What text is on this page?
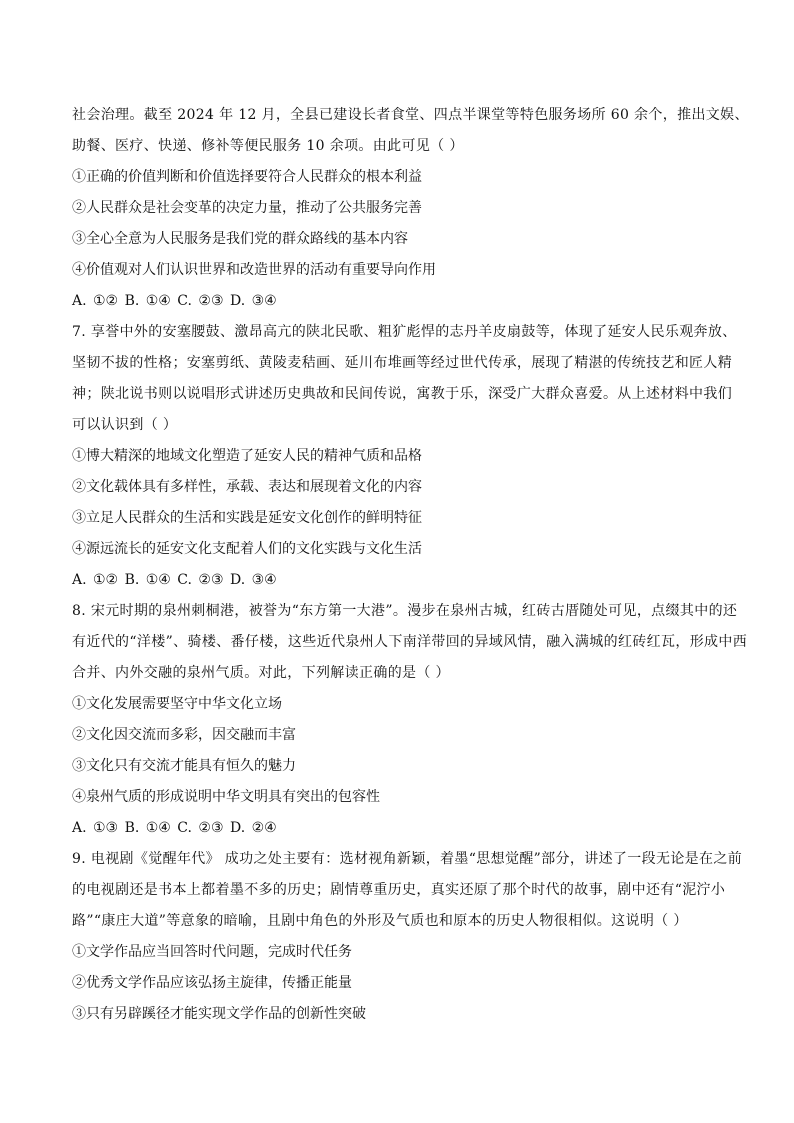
社会治理。截至 2024 年 12 月，全县已建设长者食堂、四点半课堂等特色服务场所 60 余个，推出文娱、
助餐、医疗、快递、修补等便民服务 10 余项。由此可见（ ）
①正确的价值判断和价值选择要符合人民群众的根本利益
②人民群众是社会变革的决定力量，推动了公共服务完善
③全心全意为人民服务是我们党的群众路线的基本内容
④价值观对人们认识世界和改造世界的活动有重要导向作用
A. ①② B. ①④ C. ②③ D. ③④
7. 享誉中外的安塞腰鼓、激昂高亢的陕北民歌、粗犷彪悍的志丹羊皮扇鼓等，体现了延安人民乐观奔放、
坚韧不拔的性格；安塞剪纸、黄陵麦秸画、延川布堆画等经过世代传承，展现了精湛的传统技艺和匠人精
神；陕北说书则以说唱形式讲述历史典故和民间传说，寓教于乐，深受广大群众喜爱。从上述材料中我们
可以认识到（ ）
①博大精深的地域文化塑造了延安人民的精神气质和品格
②文化载体具有多样性，承载、表达和展现着文化的内容
③立足人民群众的生活和实践是延安文化创作的鲜明特征
④源远流长的延安文化支配着人们的文化实践与文化生活
A. ①② B. ①④ C. ②③ D. ③④
8. 宋元时期的泉州刺桐港，被誉为“东方第一大港”。漫步在泉州古城，红砖古厝随处可见，点缀其中的还
有近代的“洋楼”、骑楼、番仔楼，这些近代泉州人下南洋带回的异域风情，融入满城的红砖红瓦，形成中西
合并、内外交融的泉州气质。对此，下列解读正确的是（ ）
①文化发展需要坚守中华文化立场
②文化因交流而多彩，因交融而丰富
③文化只有交流才能具有恒久的魅力
④泉州气质的形成说明中华文明具有突出的包容性
A. ①③ B. ①④ C. ②③ D. ②④
9. 电视剧《觉醒年代》 成功之处主要有：选材视角新颖，着墨“思想觉醒”部分，讲述了一段无论是在之前
的电视剧还是书本上都着墨不多的历史；剧情尊重历史，真实还原了那个时代的故事，剧中还有“泥泞小
路”“康庄大道”等意象的暗喻，且剧中角色的外形及气质也和原本的历史人物很相似。这说明（ ）
①文学作品应当回答时代问题，完成时代任务
②优秀文学作品应该弘扬主旋律，传播正能量
③只有另辟蹊径才能实现文学作品的创新性突破
